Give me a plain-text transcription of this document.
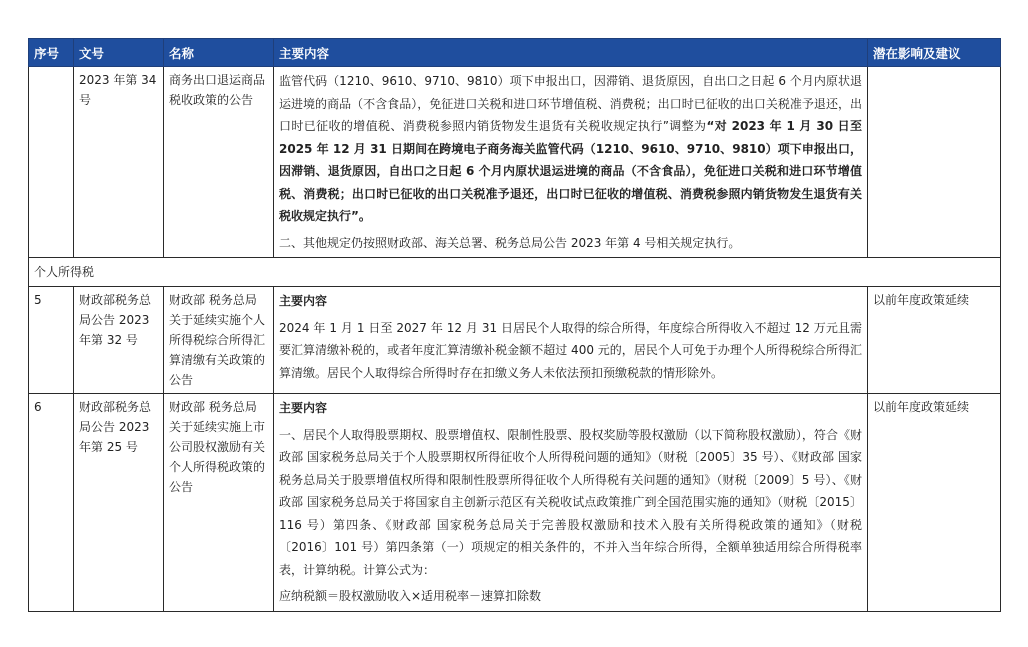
序号	文号	名称	主要内容	潜在影响及建议
	2023 年第 34 号	商务出口退运商品税收政策的公告	监管代码（1210、9610、9710、9810）项下申报出口，因滞销、退货原因，自出口之日起 6 个月内原状退运进境的商品（不含食品），免征进口关税和进口环节增值税、消费税；出口时已征收的出口关税准予退还，出口时已征收的增值税、消费税参照内销货物发生退货有关税收规定执行”调整为“对 2023 年 1 月 30 日至 2025 年 12 月 31 日期间在跨境电子商务海关监管代码（1210、9610、9710、9810）项下申报出口，因滞销、退货原因，自出口之日起 6 个月内原状退运进境的商品（不含食品），免征进口关税和进口环节增值税、消费税；出口时已征收的出口关税准予退还，出口时已征收的增值税、消费税参照内销货物发生退货有关税收规定执行”。

二、其他规定仍按照财政部、海关总署、税务总局公告 2023 年第 4 号相关规定执行。	

个人所得税				
5	财政部税务总局公告 2023 年第 32 号	财政部 税务总局关于延续实施个人所得税综合所得汇算清缴有关政策的公告	主要内容

2024 年 1 月 1 日至 2027 年 12 月 31 日居民个人取得的综合所得，年度综合所得收入不超过 12 万元且需要汇算清缴补税的，或者年度汇算清缴补税金额不超过 400 元的，居民个人可免于办理个人所得税综合所得汇算清缴。居民个人取得综合所得时存在扣缴义务人未依法预扣预缴税款的情形除外。	以前年度政策延续
6	财政部税务总局公告 2023 年第 25 号	财政部 税务总局关于延续实施上市公司股权激励有关个人所得税政策的公告	主要内容

一、居民个人取得股票期权、股票增值权、限制性股票、股权奖励等股权激励（以下简称股权激励），符合《财政部 国家税务总局关于个人股票期权所得征收个人所得税问题的通知》（财税〔2005〕35 号）、《财政部 国家税务总局关于股票增值权所得和限制性股票所得征收个人所得税有关问题的通知》（财税〔2009〕5 号）、《财政部 国家税务总局关于将国家自主创新示范区有关税收试点政策推广到全国范围实施的通知》（财税〔2015〕116 号）第四条、《财政部 国家税务总局关于完善股权激励和技术入股有关所得税政策的通知》（财税〔2016〕101 号）第四条第（一）项规定的相关条件的，不并入当年综合所得，全额单独适用综合所得税率表，计算纳税。计算公式为：

应纳税额＝股权激励收入×适用税率－速算扣除数	以前年度政策延续
